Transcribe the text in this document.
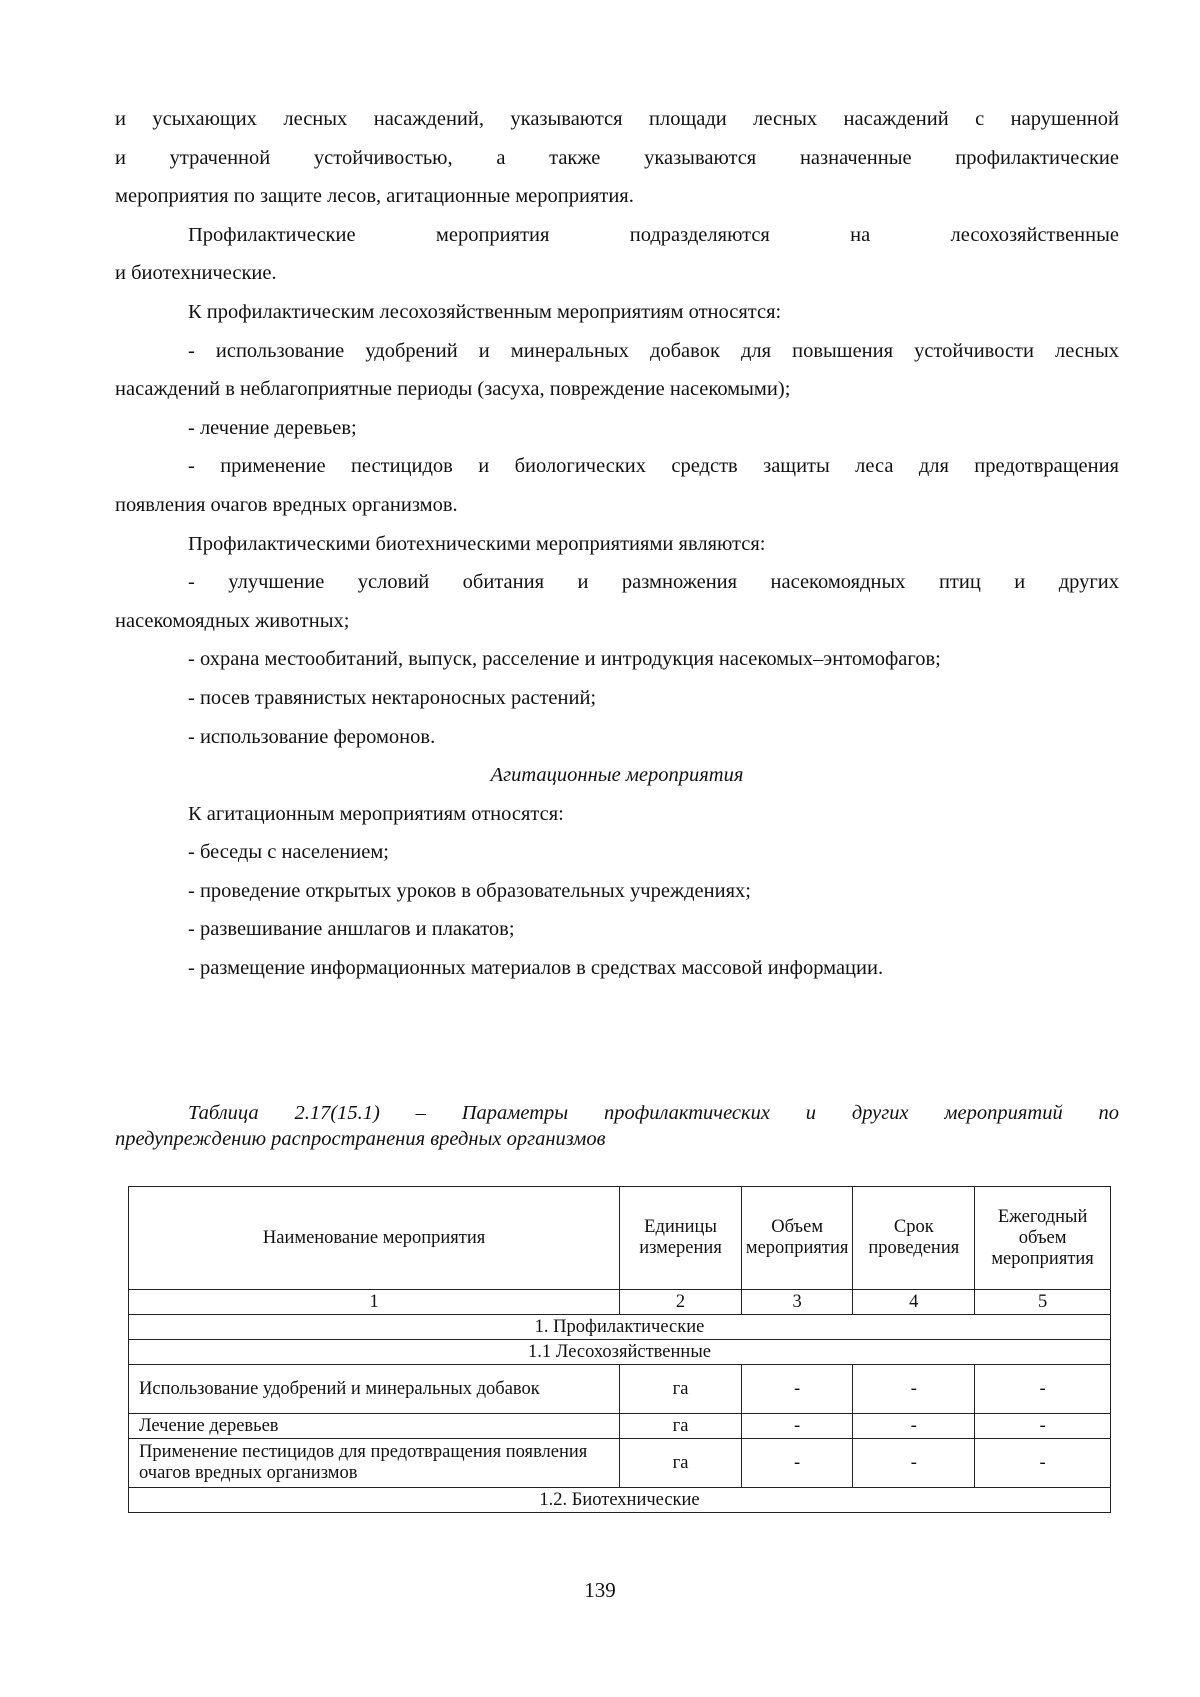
и усыхающих лесных насаждений, указываются площади лесных насаждений с нарушенной

и утраченной устойчивостью, а также указываются назначенные профилактические

мероприятия по защите лесов, агитационные мероприятия.

Профилактические мероприятия подразделяются на лесохозяйственные

и биотехнические.

К профилактическим лесохозяйственным мероприятиям относятся:

- использование удобрений и минеральных добавок для повышения устойчивости лесных

насаждений в неблагоприятные периоды (засуха, повреждение насекомыми);

- лечение деревьев;

- применение пестицидов и биологических средств защиты леса для предотвращения

появления очагов вредных организмов.

Профилактическими биотехническими мероприятиями являются:

- улучшение условий обитания и размножения насекомоядных птиц и других

насекомоядных животных;

- охрана местообитаний, выпуск, расселение и интродукция насекомых–энтомофагов;

- посев травянистых нектароносных растений;

- использование феромонов.

Агитационные мероприятия

К агитационным мероприятиям относятся:

- беседы с населением;

- проведение открытых уроков в образовательных учреждениях;

- развешивание аншлагов и плакатов;

- размещение информационных материалов в средствах массовой информации.

Таблица 2.17(15.1) – Параметры профилактических и других мероприятий по

предупреждению распространения вредных организмов

Наименование мероприятия	Единицы измерения	Объем мероприятия	Срок проведения	Ежегодный объем мероприятия
1	2	3	4	5
1. Профилактические				
1.1 Лесохозяйственные				
Использование удобрений и минеральных добавок	га	-	-	-
Лечение деревьев	га	-	-	-
Применение пестицидов для предотвращения появления очагов вредных организмов	га	-	-	-
1.2. Биотехнические				
139
